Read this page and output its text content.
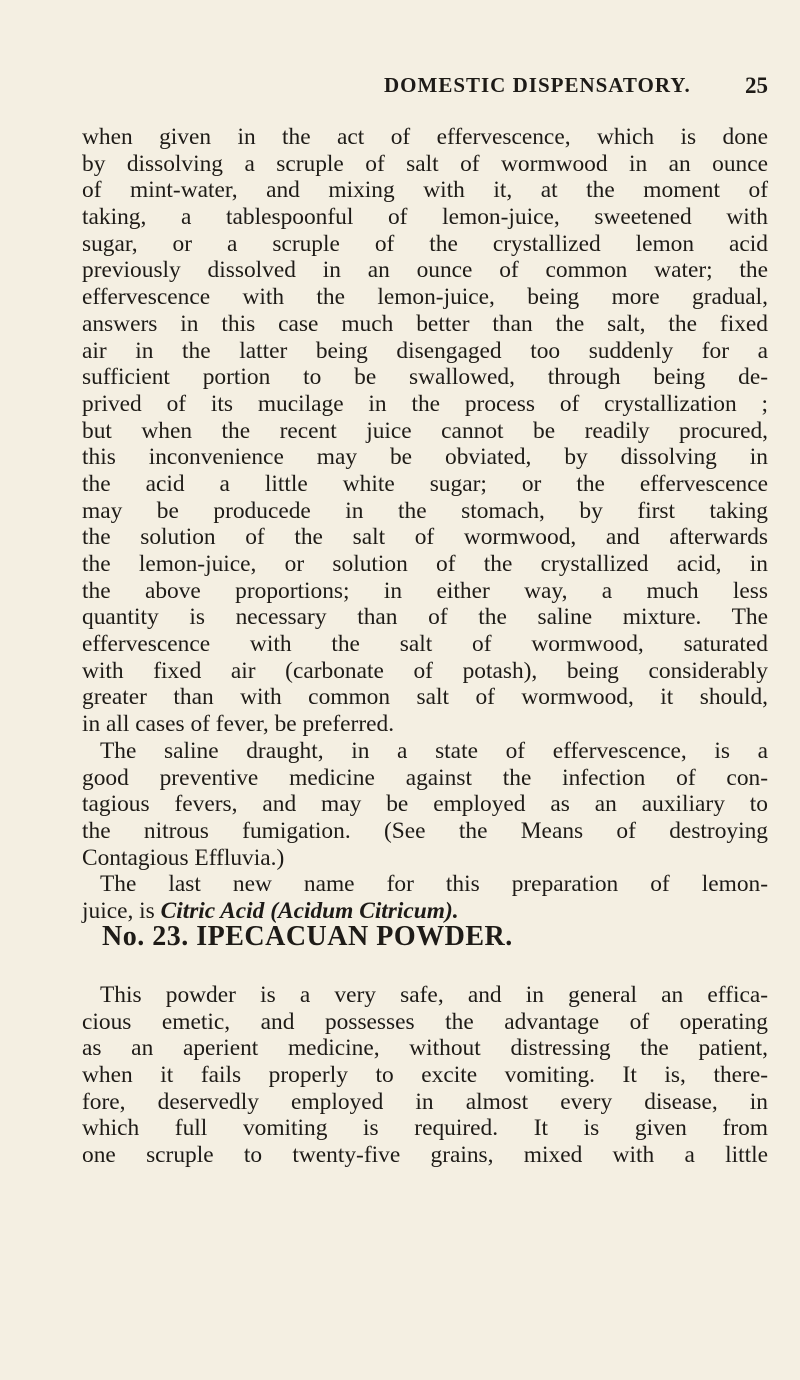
DOMESTIC DISPENSATORY. 25
when given in the act of effervescence, which is done
by dissolving a scruple of salt of wormwood in an ounce
of mint-water, and mixing with it, at the moment of
taking, a tablespoonful of lemon-juice, sweetened with
sugar, or a scruple of the crystallized lemon acid
previously dissolved in an ounce of common water; the
effervescence with the lemon-juice, being more gradual,
answers in this case much better than the salt, the fixed
air in the latter being disengaged too suddenly for a
sufficient portion to be swallowed, through being de-
prived of its mucilage in the process of crystallization ;
but when the recent juice cannot be readily procured,
this inconvenience may be obviated, by dissolving in
the acid a little white sugar; or the effervescence
may be producede in the stomach, by first taking
the solution of the salt of wormwood, and afterwards
the lemon-juice, or solution of the crystallized acid, in
the above proportions; in either way, a much less
quantity is necessary than of the saline mixture. The
effervescence with the salt of wormwood, saturated
with fixed air (carbonate of potash), being considerably
greater than with common salt of wormwood, it should,
in all cases of fever, be preferred.
The saline draught, in a state of effervescence, is a
good preventive medicine against the infection of con-
tagious fevers, and may be employed as an auxiliary to
the nitrous fumigation. (See the Means of destroying
Contagious Effluvia.)
The last new name for this preparation of lemon-
juice, is Citric Acid (Acidum Citricum).
No. 23. IPECACUAN POWDER.
This powder is a very safe, and in general an effica-
cious emetic, and possesses the advantage of operating
as an aperient medicine, without distressing the patient,
when it fails properly to excite vomiting. It is, there-
fore, deservedly employed in almost every disease, in
which full vomiting is required. It is given from
one scruple to twenty-five grains, mixed with a little
